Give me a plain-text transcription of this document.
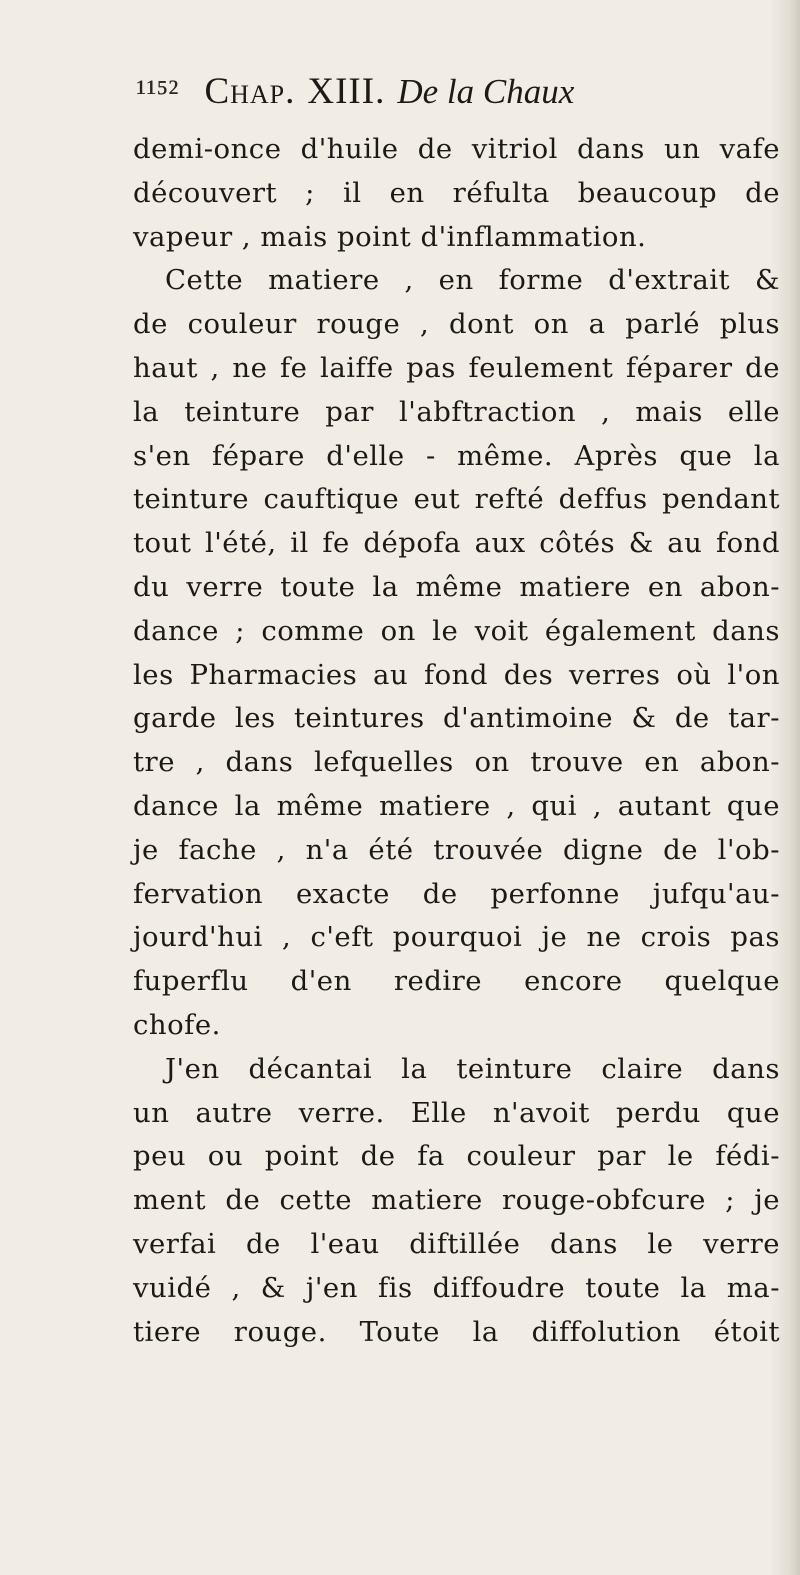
¹¹⁵² Chap. XIII. De la Chaux
demi-once d'huile de vitriol dans un vafe
découvert ; il en réfulta beaucoup de
vapeur , mais point d'inflammation.
Cette matiere , en forme d'extrait &
de couleur rouge , dont on a parlé plus
haut , ne fe laiffe pas feulement féparer de
la teinture par l'abftraction , mais elle
s'en fépare d'elle - même. Après que la
teinture cauftique eut refté deffus pendant
tout l'été, il fe dépofa aux côtés & au fond
du verre toute la même matiere en abon-
dance ; comme on le voit également dans
les Pharmacies au fond des verres où l'on
garde les teintures d'antimoine & de tar-
tre , dans lefquelles on trouve en abon-
dance la même matiere , qui , autant que
je fache , n'a été trouvée digne de l'ob-
fervation exacte de perfonne jufqu'au-
jourd'hui , c'eft pourquoi je ne crois pas
fuperflu d'en redire encore quelque
chofe.
J'en décantai la teinture claire dans
un autre verre. Elle n'avoit perdu que
peu ou point de fa couleur par le fédi-
ment de cette matiere rouge-obfcure ; je
verfai de l'eau diftillée dans le verre
vuidé , & j'en fis diffoudre toute la ma-
tiere rouge. Toute la diffolution étoit
